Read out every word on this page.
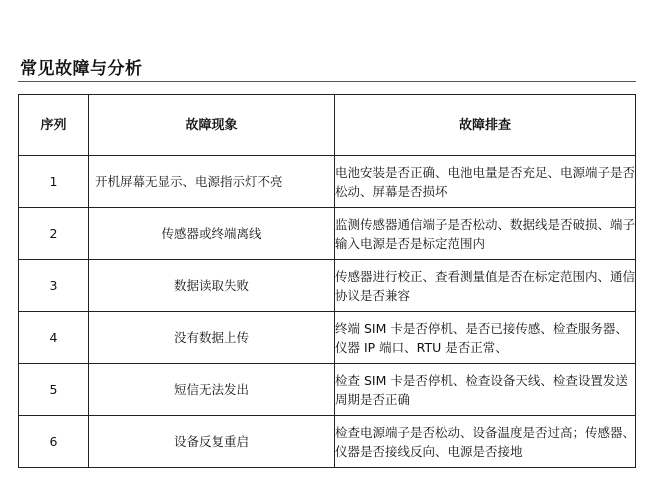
常见故障与分析
序列	故障现象	故障排查
1	开机屏幕无显示、电源指示灯不亮	电池安装是否正确、电池电量是否充足、电源端子是否松动、屏幕是否损坏
2	传感器或终端离线	监测传感器通信端子是否松动、数据线是否破损、端子输入电源是否是标定范围内
3	数据读取失败	传感器进行校正、查看测量值是否在标定范围内、通信协议是否兼容
4	没有数据上传	终端 SIM 卡是否停机、是否已接传感、检查服务器、仪器 IP 端口、RTU 是否正常、
5	短信无法发出	检查 SIM 卡是否停机、检查设备天线、检查设置发送周期是否正确
6	设备反复重启	检查电源端子是否松动、设备温度是否过高；传感器、仪器是否接线反向、电源是否接地
